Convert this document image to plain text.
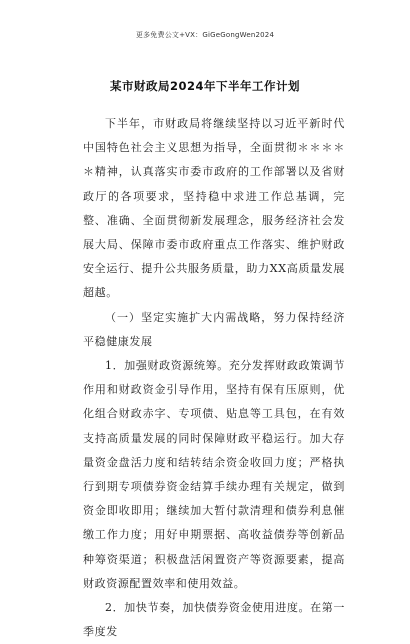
更多免费公文+VX：GiGeGongWen2024
某市财政局2024年下半年工作计划

下半年，市财政局将继续坚持以习近平新时代中国特色社会主义思想为指导，全面贯彻＊＊＊＊＊精神，认真落实市委市政府的工作部署以及省财政厅的各项要求，坚持稳中求进工作总基调，完整、准确、全面贯彻新发展理念，服务经济社会发展大局、保障市委市政府重点工作落实、维护财政安全运行、提升公共服务质量，助力XX高质量发展超越。

（一）坚定实施扩大内需战略，努力保持经济平稳健康发展

1．加强财政资源统筹。充分发挥财政政策调节作用和财政资金引导作用，坚持有保有压原则，优化组合财政赤字、专项债、贴息等工具包，在有效支持高质量发展的同时保障财政平稳运行。加大存量资金盘活力度和结转结余资金收回力度；严格执行到期专项债券资金结算手续办理有关规定，做到资金即收即用；继续加大暂付款清理和债券利息催缴工作力度；用好申期票据、高收益债券等创新品种筹资渠道；积极盘活闲置资产等资源要素，提高财政资源配置效率和使用效益。

2．加快节奏，加快债券资金使用进度。在第一季度发
